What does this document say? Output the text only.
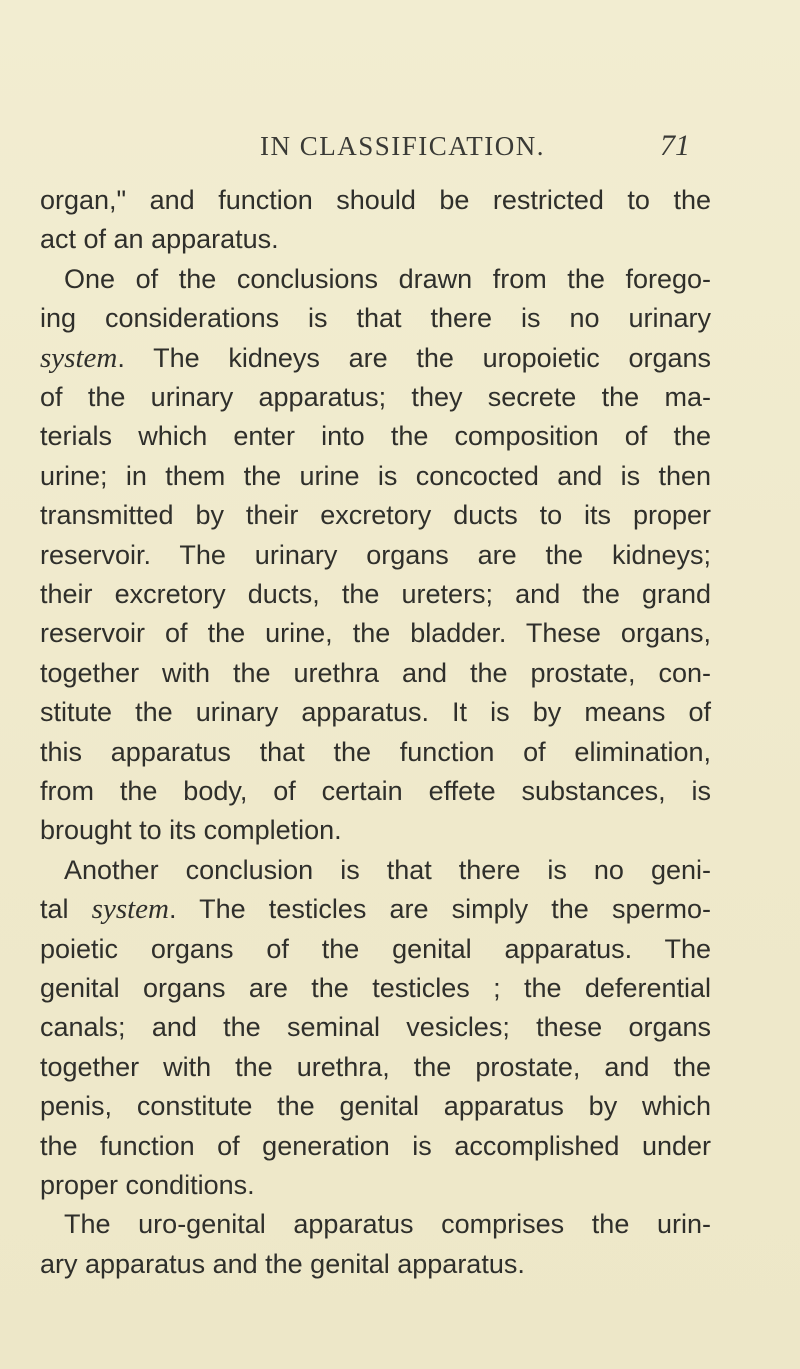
IN CLASSIFICATION.	71
organ," and function should be restricted to the
act of an apparatus.
One of the conclusions drawn from the forego-
ing considerations is that there is no urinary
system. The kidneys are the uropoietic organs
of the urinary apparatus; they secrete the ma-
terials which enter into the composition of the
urine; in them the urine is concocted and is then
transmitted by their excretory ducts to its proper
reservoir. The urinary organs are the kidneys;
their excretory ducts, the ureters; and the grand
reservoir of the urine, the bladder. These organs,
together with the urethra and the prostate, con-
stitute the urinary apparatus. It is by means of
this apparatus that the function of elimination,
from the body, of certain effete substances, is
brought to its completion.
Another conclusion is that there is no geni-
tal system. The testicles are simply the spermo-
poietic organs of the genital apparatus. The
genital organs are the testicles ; the deferential
canals; and the seminal vesicles; these organs
together with the urethra, the prostate, and the
penis, constitute the genital apparatus by which
the function of generation is accomplished under
proper conditions.
The uro-genital apparatus comprises the urin-
ary apparatus and the genital apparatus.
